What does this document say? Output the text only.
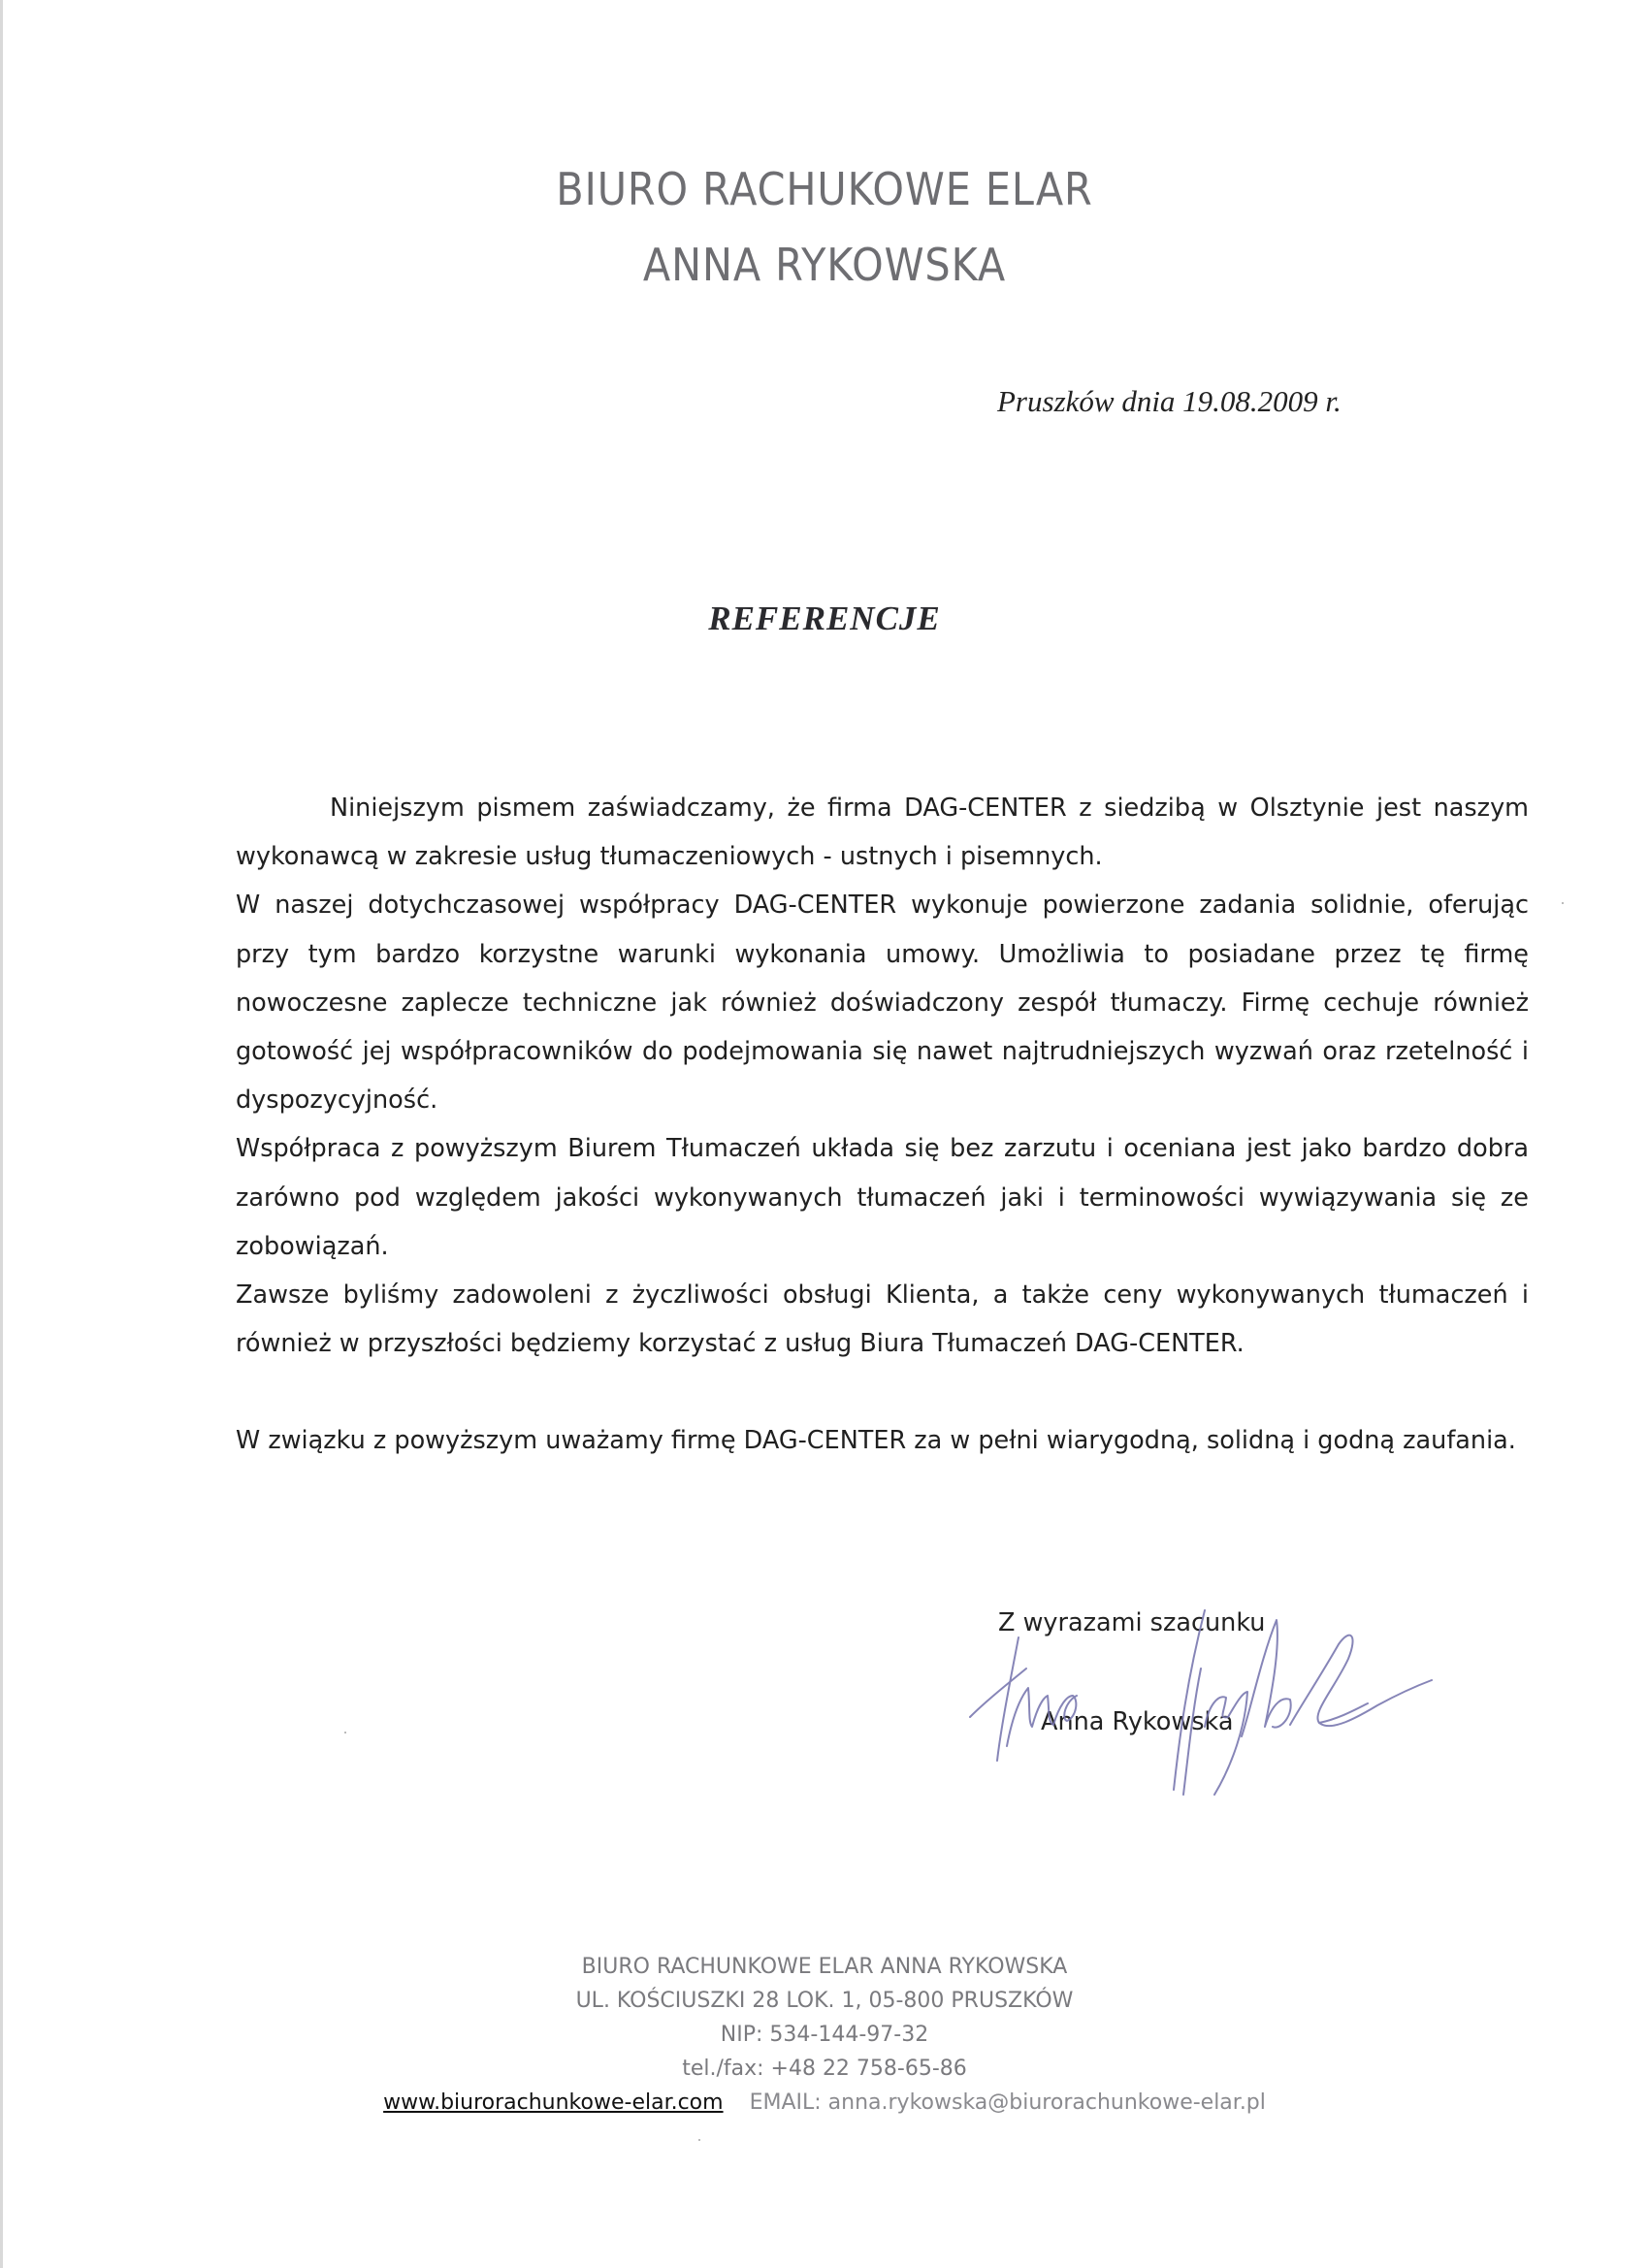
BIURO RACHUKOWE ELAR
ANNA RYKOWSKA
Pruszków dnia 19.08.2009 r.
REFERENCJE

Niniejszym pismem zaświadczamy, że firma DAG-CENTER z siedzibą w Olsztynie jest naszym wykonawcą w zakresie usług tłumaczeniowych - ustnych i pisemnych.

W naszej dotychczasowej współpracy DAG-CENTER wykonuje powierzone zadania solidnie, oferując przy tym bardzo korzystne warunki wykonania umowy. Umożliwia to posiadane przez tę firmę nowoczesne zaplecze techniczne jak również doświadczony zespół tłumaczy. Firmę cechuje również gotowość jej współpracowników do podejmowania się nawet najtrudniejszych wyzwań oraz rzetelność i dyspozycyjność.

Współpraca z powyższym Biurem Tłumaczeń układa się bez zarzutu i oceniana jest jako bardzo dobra zarówno pod względem jakości wykonywanych tłumaczeń jaki i terminowości wywiązywania się ze zobowiązań.

Zawsze byliśmy zadowoleni z życzliwości obsługi Klienta, a także ceny wykonywanych tłumaczeń i również w przyszłości będziemy korzystać z usług Biura Tłumaczeń DAG-CENTER.

W związku z powyższym uważamy firmę DAG-CENTER za w pełni wiarygodną, solidną i godną zaufania.

Z wyrazami szacunku
Anna Rykowska
BIURO RACHUNKOWE ELAR ANNA RYKOWSKA
UL. KOŚCIUSZKI 28 LOK. 1, 05-800 PRUSZKÓW
NIP: 534-144-97-32
tel./fax: +48 22 758-65-86
www.biurorachunkowe-elar.com EMAIL: anna.rykowska@biurorachunkowe-elar.pl
